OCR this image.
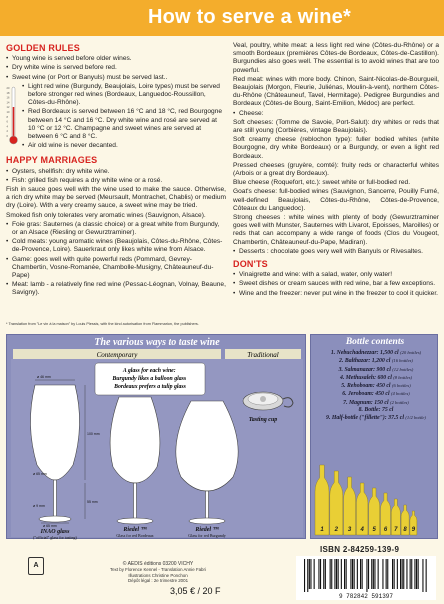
How to serve a wine*
GOLDEN RULES
• Young wine is served before older wines.
• Dry white wine is served before red.
• Sweet wine (or Port or Banyuls) must be served last..
20
18
16
14
12
10
8
6
4
2
0
• Light red wine (Burgundy, Beaujolais, Loire types) must be served before stronger red wines (Bordeaux, Languedoc-Roussillon, Côtes-du-Rhône).
• Red Bordeaux is served between 16 °C and 18 °C, red Bourgogne between 14 °C and 16 °C. Dry white wine and rosé are served at 10 °C or 12 °C. Champagne and sweet wines are served at between 6 °C and 8 °C.
• Air old wine is never decanted.
HAPPY MARRIAGES
• Oysters, shellfish: dry white wine.
• Fish: grilled fish requires a dry white wine or a rosé.

Fish in sauce goes well with the wine used to make the sauce. Otherwise, a rich dry white may be served (Meursault, Montrachet, Chablis) or medium dry (Loire). With a very creamy sauce, a sweet wine may be tried.

Smoked fish only tolerates very aromatic wines (Sauvignon, Alsace).

• Foie gras: Sauternes (a classic choice) or a great white from Burgundy, or an Alsace (Riesling or Gewurztraminer).
• Cold meats: young aromatic wines (Beaujolais, Côtes-du-Rhône, Côtes-de-Provence, Loire). Sauerkraut only likes white wine from Alsace.
• Game: goes well with quite powerful reds (Pommard, Gevrey-Chambertin, Vosne-Romanée, Chambolle-Musigny, Châteauneuf-du-Pape)
• Meat: lamb - a relatively fine red wine (Pessac-Léognan, Volnay, Beaune, Savigny).

Veal, poultry, white meat: a less light red wine (Côtes-du-Rhône) or a smooth Bordeaux (premières Côtes-de Bordeaux, Côtes-de-Castillon). Burgundies also goes well. The essential is to avoid wines that are too powerful.

Red meat: wines with more body. Chinon, Saint-Nicolas-de-Bourgueil, Beaujolais (Morgon, Fleurie, Juliénas, Moulin-à-vent), northern Côtes-du-Rhône (Châteauneuf, Tavel, Hermitage). Pedigree Burgundies and Bordeaux (Côtes-de Bourg, Saint-Emilion, Médoc) are perfect.

• Cheese:

Soft cheeses: (Tomme de Savoie, Port-Salut): dry whites or reds that are still young (Corbières, vintage Beaujolais).

Soft creamy cheese (reblochon type): fuller bodied whites (white Bourgogne, dry white Bordeaux) or a Burgundy, or even a light red Bordeaux.

Pressed cheeses (gruyère, comté): fruity reds or characterful whites (Arbois or a great dry Bordeaux).

Blue cheese (Roquefort, etc.): sweet white or full-bodied red.

Goat's cheese: full-bodied wines (Sauvignon, Sancerre, Pouilly Fumé, well-defined Beaujolais, Côtes-du-Rhône, Côtes-de-Provence, Côteaux du Languedoc).

Strong cheeses : white wines with plenty of body (Gewurztraminer goes well with Munster, Sauternes with Livarot, Epoisses, Maroilles) or reds that can accompany a wide range of foods (Clos du Vougeot, Chambertin, Châteauneuf-du-Pape, Madiran).

• Desserts : chocolate goes very well with Banyuls or Rivesaltes.
DON'TS
• Vinaigrette and wine: with a salad, water, only water!
• Sweet dishes or cream sauces with red wine, bar a few exceptions.
• Wine and the freezer: never put wine in the freezer to cool it quicker.
* Translation from "Le vin à la maison" by Louis Plessis, with the kind autorisation from Flammarion, the publishers.
Contemporary	Traditional
A glass for each wine: Burgundy likes a balloon glass Bordeaux prefers a tulip glass
ø 46 mm
100 mm
ø 65 mm
55 mm
ø 9 mm
ø 65 mm
Tasting cup
INAO glass
("official" glass for tasting)
Riedel ™
Glass for red Bordeaux
Riedel ™
Glass for red Burgundy
The various ways to taste wine	Bottle contents
1. Nebuchadnezzar: 1,500 cl (20 bottles)
2. Balthazar: 1,200 cl (16 bottles)
3. Salmanazar: 900 cl (12 bottles)
4. Methusaleh: 600 cl (8 bottles)
5. Rehoboam: 450 cl (6 bottles)
6. Jeroboam: 450 cl (4 bottles)
7. Magnum: 150 cl (2 bottles)
8. Bottle: 75 cl
9. Half-bottle ("fillette"): 37.5 cl (1/2 bottle)
1 2 3 4 5 6 7 8 9
ISBN 2-84259-139-9
9 782842 591397
A	© AEDIS éditions 03200 VICHY
Text by Florence Kennel - Translation Annie Fabri
Illustrations Christine Ponchon
Dépôt légal : 2e trimestre 2001
3,05 € / 20 F
